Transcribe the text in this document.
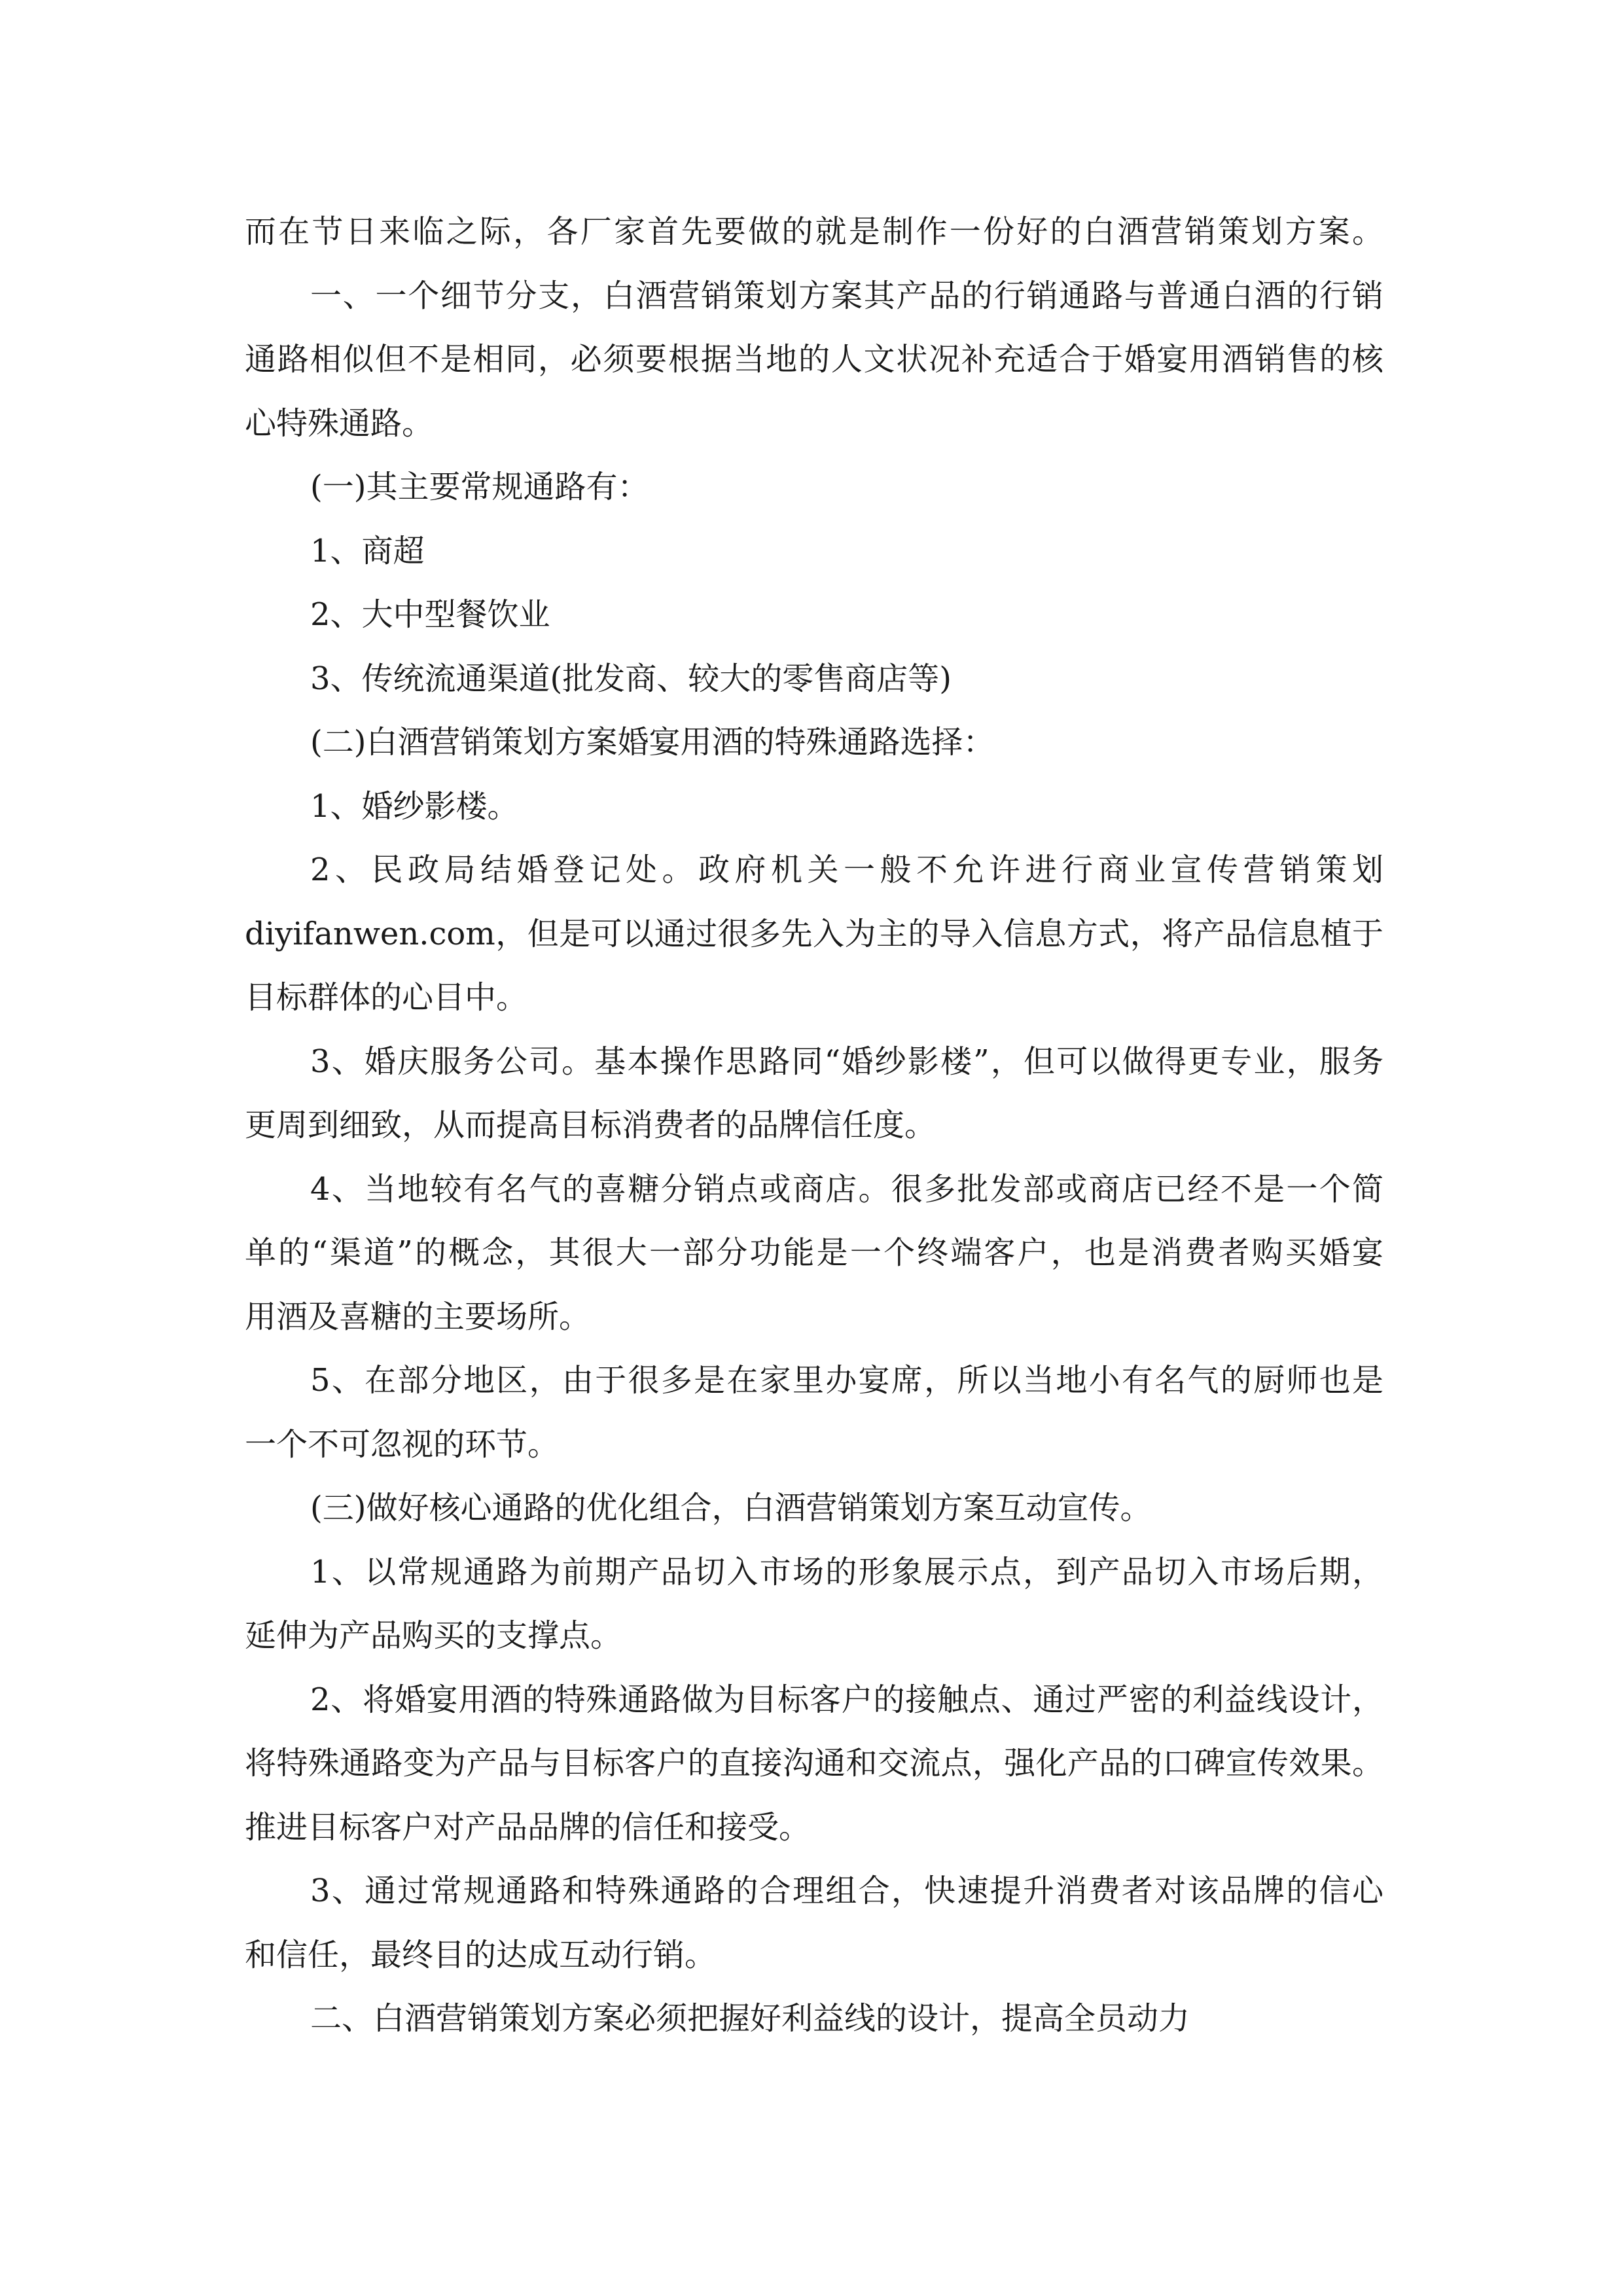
而在节日来临之际，各厂家首先要做的就是制作一份好的白酒营销策划方案。
一、一个细节分支，白酒营销策划方案其产品的行销通路与普通白酒的行销
通路相似但不是相同，必须要根据当地的人文状况补充适合于婚宴用酒销售的核
心特殊通路。
(一)其主要常规通路有：
1、商超
2、大中型餐饮业
3、传统流通渠道(批发商、较大的零售商店等)
(二)白酒营销策划方案婚宴用酒的特殊通路选择：
1、婚纱影楼。
2、民政局结婚登记处。政府机关一般不允许进行商业宣传营销策划
diyifanwen.com，但是可以通过很多先入为主的导入信息方式，将产品信息植于
目标群体的心目中。
3、婚庆服务公司。基本操作思路同“婚纱影楼”，但可以做得更专业，服务
更周到细致，从而提高目标消费者的品牌信任度。
4、当地较有名气的喜糖分销点或商店。很多批发部或商店已经不是一个简
单的“渠道”的概念，其很大一部分功能是一个终端客户，也是消费者购买婚宴
用酒及喜糖的主要场所。
5、在部分地区，由于很多是在家里办宴席，所以当地小有名气的厨师也是
一个不可忽视的环节。
(三)做好核心通路的优化组合，白酒营销策划方案互动宣传。
1、以常规通路为前期产品切入市场的形象展示点，到产品切入市场后期，
延伸为产品购买的支撑点。
2、将婚宴用酒的特殊通路做为目标客户的接触点、通过严密的利益线设计，
将特殊通路变为产品与目标客户的直接沟通和交流点，强化产品的口碑宣传效果。
推进目标客户对产品品牌的信任和接受。
3、通过常规通路和特殊通路的合理组合，快速提升消费者对该品牌的信心
和信任，最终目的达成互动行销。
二、白酒营销策划方案必须把握好利益线的设计，提高全员动力
